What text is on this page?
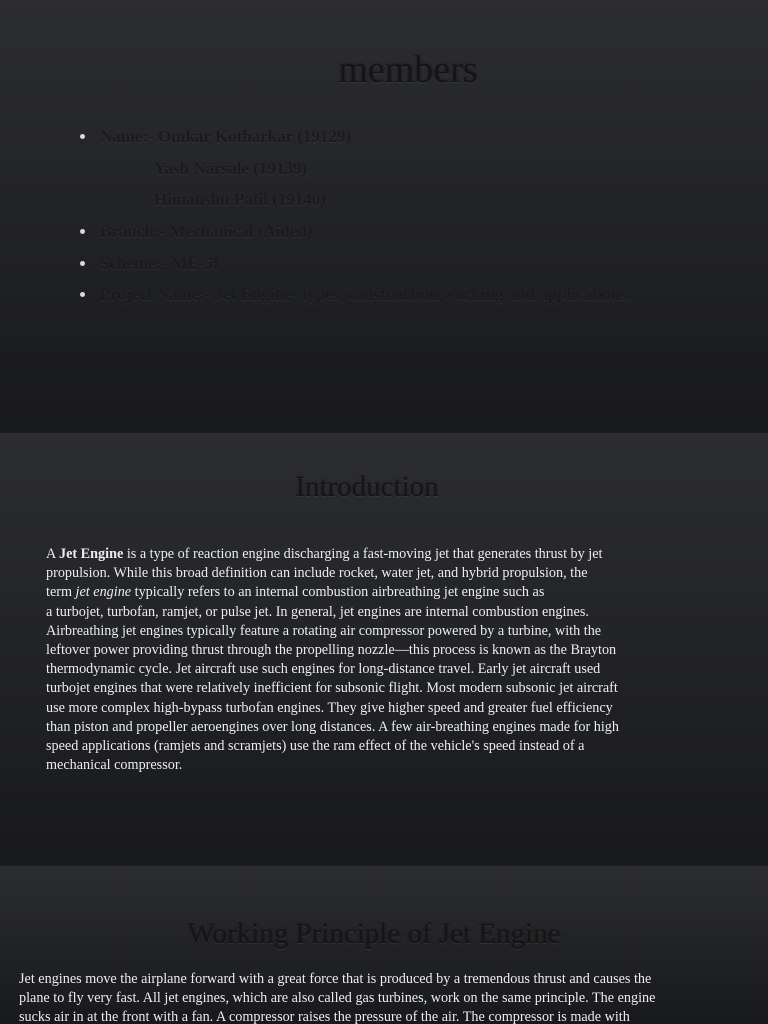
members
Name:- Omkar Kotharkar (19129)
Yash Narsale (19139)
Himanshu Patil (19140)
Branch:- Mechanical (Aided)
Scheme:- ME-5I
Project Name:- Jet Engine- types, construction working and applications.
Introduction

A Jet Engine is a type of reaction engine discharging a fast-moving jet that generates thrust by jet
propulsion. While this broad definition can include rocket, water jet, and hybrid propulsion, the
term jet engine typically refers to an internal combustion airbreathing jet engine such as
a turbojet, turbofan, ramjet, or pulse jet. In general, jet engines are internal combustion engines.
Airbreathing jet engines typically feature a rotating air compressor powered by a turbine, with the
leftover power providing thrust through the propelling nozzle—this process is known as the Brayton
thermodynamic cycle. Jet aircraft use such engines for long-distance travel. Early jet aircraft used
turbojet engines that were relatively inefficient for subsonic flight. Most modern subsonic jet aircraft
use more complex high-bypass turbofan engines. They give higher speed and greater fuel efficiency
than piston and propeller aeroengines over long distances. A few air-breathing engines made for high
speed applications (ramjets and scramjets) use the ram effect of the vehicle's speed instead of a
mechanical compressor.

Working Principle of Jet Engine

Jet engines move the airplane forward with a great force that is produced by a tremendous thrust and causes the
plane to fly very fast. All jet engines, which are also called gas turbines, work on the same principle. The engine
sucks air in at the front with a fan. A compressor raises the pressure of the air. The compressor is made with
